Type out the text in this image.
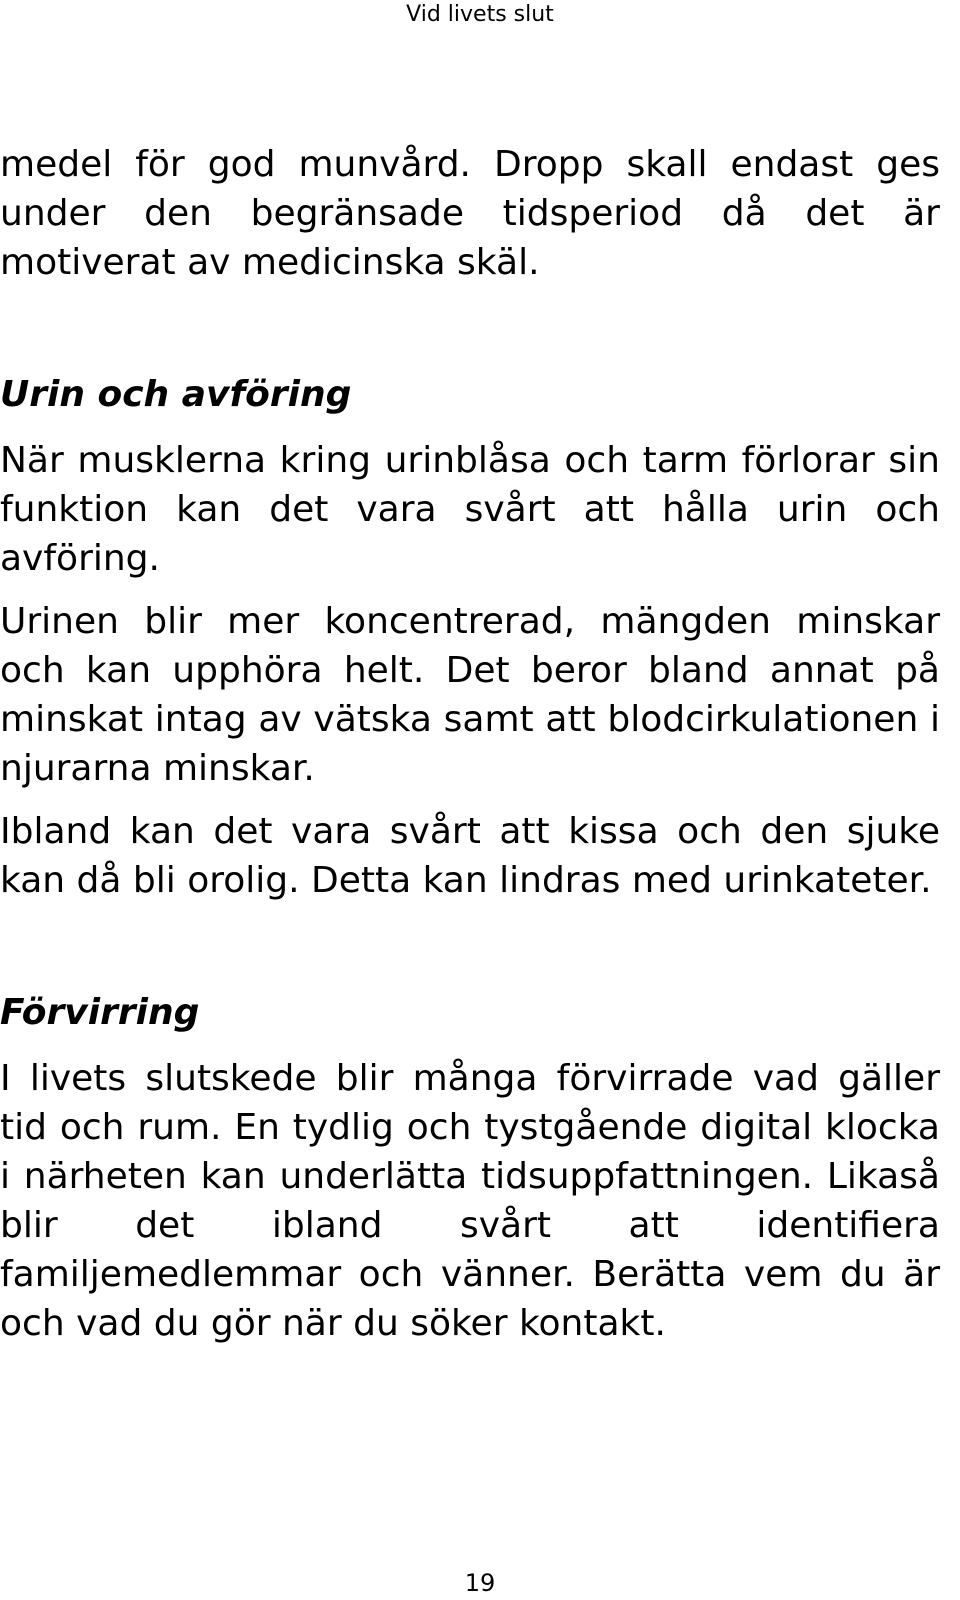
Vid livets slut

medel för god munvård. Dropp skall endast ges under den begränsade tidsperiod då det är motiverat av medicinska skäl.

Urin och avföring

När musklerna kring urinblåsa och tarm förlorar sin funktion kan det vara svårt att hålla urin och avföring.

Urinen blir mer koncentrerad, mängden minskar och kan upphöra helt. Det beror bland annat på minskat intag av vätska samt att blodcirkulationen i njurarna minskar.

Ibland kan det vara svårt att kissa och den sjuke kan då bli orolig. Detta kan lindras med urinkateter.

Förvirring

I livets slutskede blir många förvirrade vad gäller tid och rum. En tydlig och tystgående digital klocka i närheten kan underlätta tidsuppfattningen. Likaså blir det ibland svårt att identifiera familjemedlemmar och vänner. Berätta vem du är och vad du gör när du söker kontakt.

19
